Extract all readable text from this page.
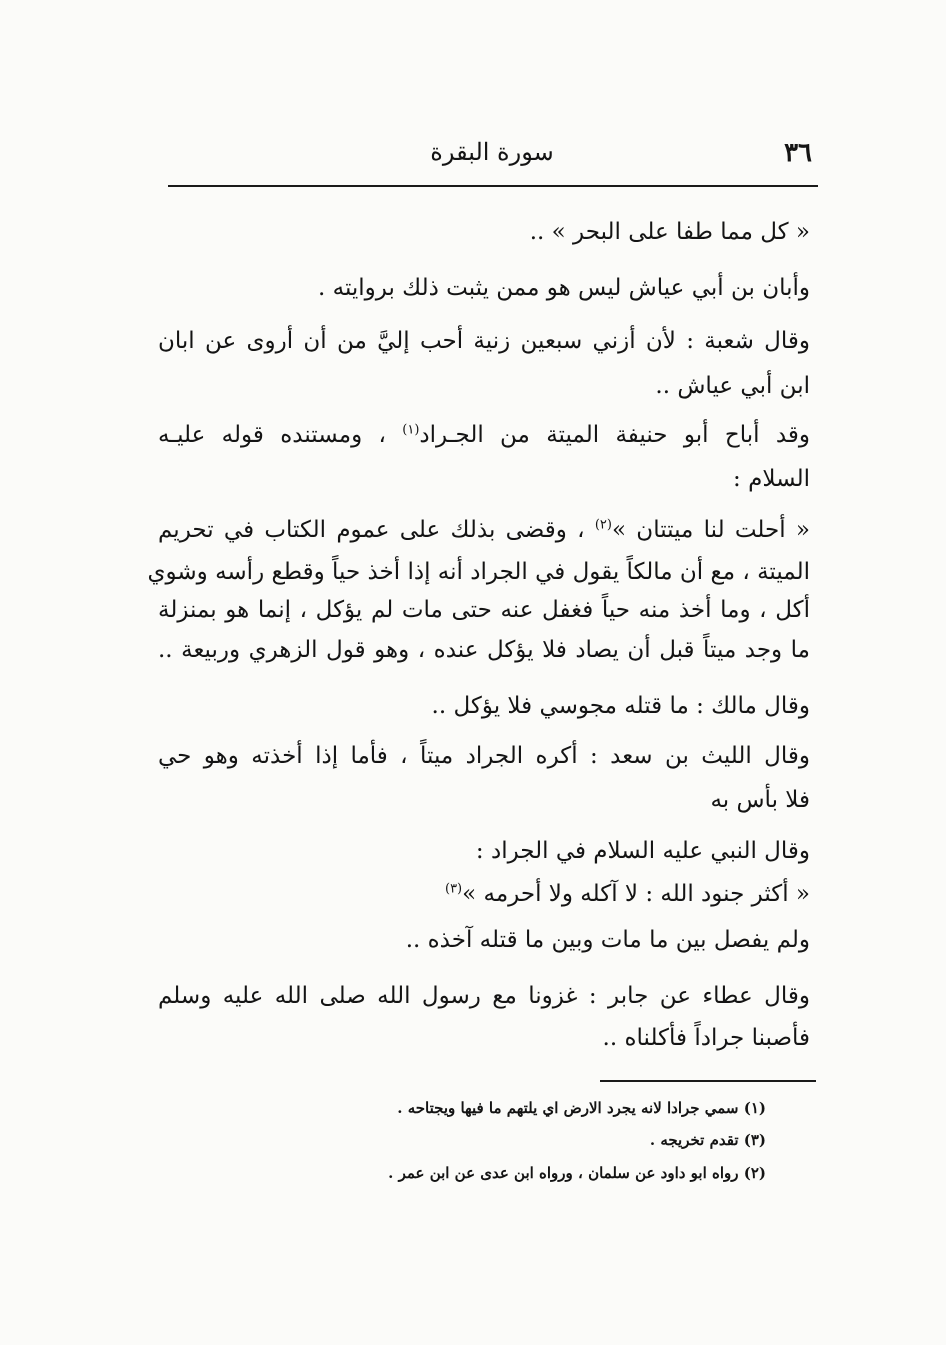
٣٦
سورة البقرة
« كل مما طفا على البحر » ..
وأبان بن أبي عياش ليس هو ممن يثبت ذلك بروايته .
وقال شعبة : لأن أزني سبعين زنية أحب إليَّ من أن أروى عن ابان
ابن أبي عياش ..
وقد أباح أبو حنيفة الميتة من الجـراد$^{(١)}$ ، ومستنده قوله عليـه
السلام :
« أحلت لنا ميتتان »$^{(٢)}$ ، وقضى بذلك على عموم الكتاب في تحريم
الميتة ، مع أن مالكاً يقول في الجراد أنه إذا أخذ حياً وقطع رأسه وشوي
أكل ، وما أخذ منه حياً فغفل عنه حتى مات لم يؤكل ، إنما هو بمنزلة
ما وجد ميتاً قبل أن يصاد فلا يؤكل عنده ، وهو قول الزهري وربيعة ..
وقال مالك : ما قتله مجوسي فلا يؤكل ..
وقال الليث بن سعد : أكره الجراد ميتاً ، فأما إذا أخذته وهو حي
فلا بأس به
وقال النبي عليه السلام في الجراد :
« أكثر جنود الله : لا آكله ولا أحرمه »$^{(٣)}$
ولم يفصل بين ما مات وبين ما قتله آخذه ..
وقال عطاء عن جابر : غزونا مع رسول الله صلى الله عليه وسلم
فأصبنا جراداً فأكلناه ..
(١) سمي جرادا لانه يجرد الارض اي يلتهم ما فيها ويجتاحه .
(٣) تقدم تخريجه .
(٢) رواه ابو داود عن سلمان ، ورواه ابن عدى عن ابن عمر .
